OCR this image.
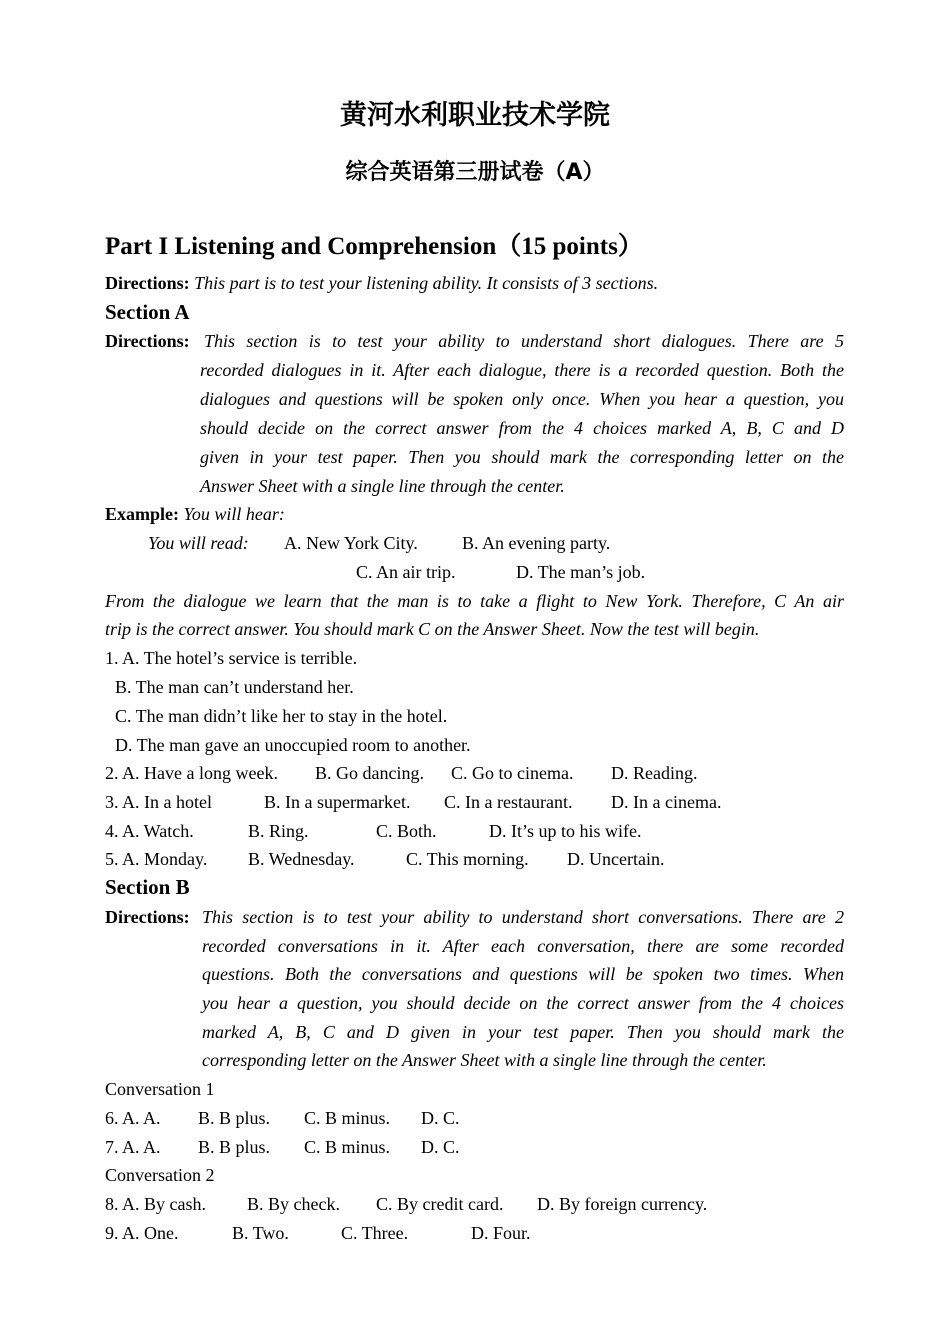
黄河水利职业技术学院
综合英语第三册试卷（A）
Part I Listening and Comprehension（15 points）
Directions: This part is to test your listening ability. It consists of 3 sections.
Section A
Directions: This section is to test your ability to understand short dialogues. There are 5
recorded dialogues in it. After each dialogue, there is a recorded question. Both the
dialogues and questions will be spoken only once. When you hear a question, you
should decide on the correct answer from the 4 choices marked A, B, C and D
given in your test paper. Then you should mark the corresponding letter on the
Answer Sheet with a single line through the center.
Example: You will hear:
You will read: A. New York City. B. An evening party.
C. An air trip.	D. The man’s job.
From the dialogue we learn that the man is to take a flight to New York. Therefore, C An air
trip is the correct answer. You should mark C on the Answer Sheet. Now the test will begin.
1. A. The hotel’s service is terrible.
B. The man can’t understand her.
C. The man didn’t like her to stay in the hotel.
D. The man gave an unoccupied room to another.
2. A. Have a long week. B. Go dancing. C. Go to cinema. D. Reading.
3. A. In a hotel	B. In a supermarket. C. In a restaurant. D. In a cinema.
4. A. Watch.	B. Ring.	C. Both.	D. It’s up to his wife.
5. A. Monday. B. Wednesday.	C. This morning. D. Uncertain.
Section B
Directions: This section is to test your ability to understand short conversations. There are 2
recorded conversations in it. After each conversation, there are some recorded
questions. Both the conversations and questions will be spoken two times. When
you hear a question, you should decide on the correct answer from the 4 choices
marked A, B, C and D given in your test paper. Then you should mark the
corresponding letter on the Answer Sheet with a single line through the center.
Conversation 1
6. A. A. B. B plus. C. B minus. D. C.
7. A. A. B. B plus. C. B minus. D. C.
Conversation 2
8. A. By cash. B. By check. C. By credit card. D. By foreign currency.
9. A. One.	B. Two.	C. Three.	D. Four.
